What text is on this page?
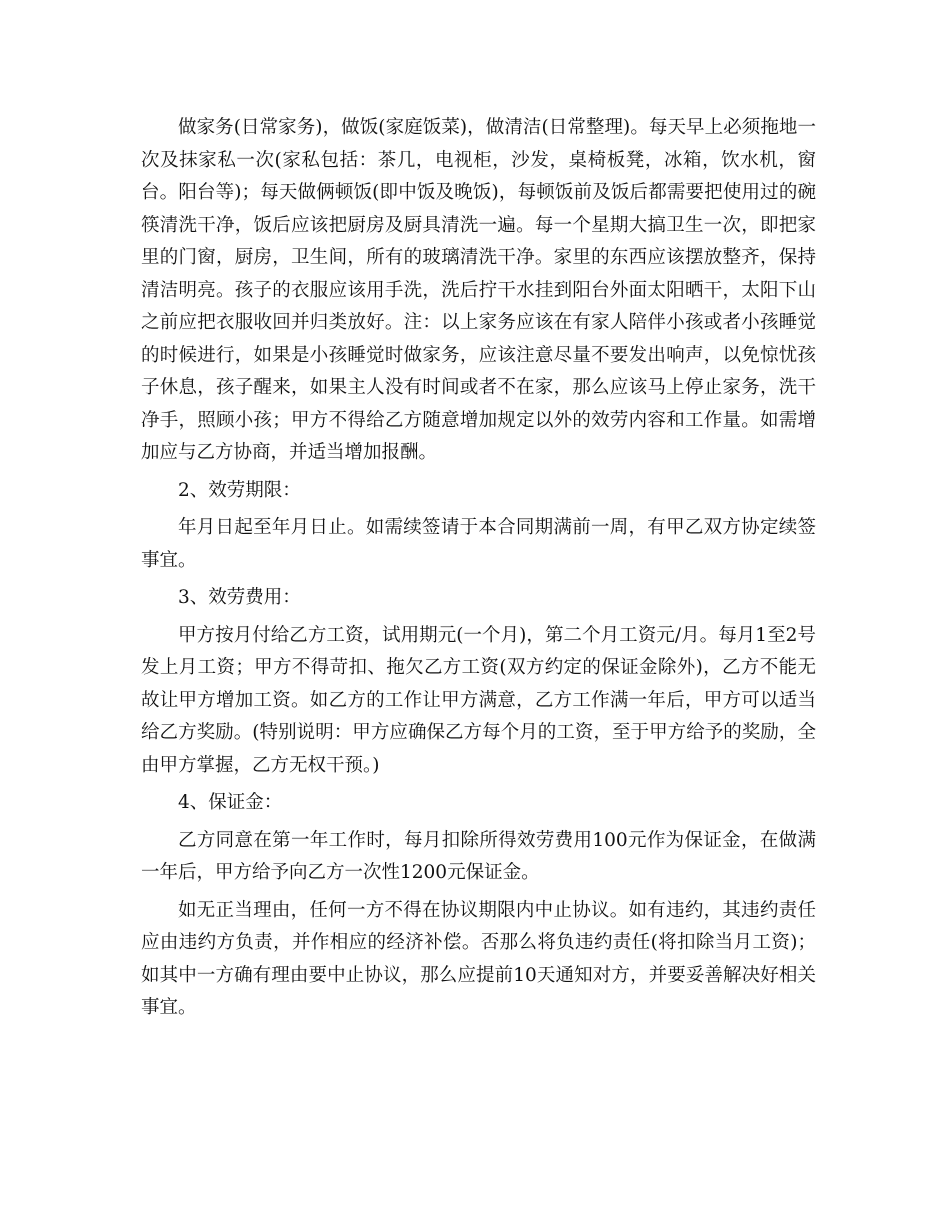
做家务(日常家务)，做饭(家庭饭菜)，做清洁(日常整理)。每天早上必须拖地一次及抹家私一次(家私包括：茶几，电视柜，沙发，桌椅板凳，冰箱，饮水机，窗台。阳台等)；每天做俩顿饭(即中饭及晚饭)，每顿饭前及饭后都需要把使用过的碗筷清洗干净，饭后应该把厨房及厨具清洗一遍。每一个星期大搞卫生一次，即把家里的门窗，厨房，卫生间，所有的玻璃清洗干净。家里的东西应该摆放整齐，保持清洁明亮。孩子的衣服应该用手洗，洗后拧干水挂到阳台外面太阳晒干，太阳下山之前应把衣服收回并归类放好。注：以上家务应该在有家人陪伴小孩或者小孩睡觉的时候进行，如果是小孩睡觉时做家务，应该注意尽量不要发出响声，以免惊忧孩子休息，孩子醒来，如果主人没有时间或者不在家，那么应该马上停止家务，洗干净手，照顾小孩；甲方不得给乙方随意增加规定以外的效劳内容和工作量。如需增加应与乙方协商，并适当增加报酬。

2、效劳期限：

年月日起至年月日止。如需续签请于本合同期满前一周，有甲乙双方协定续签事宜。

3、效劳费用：

甲方按月付给乙方工资，试用期元(一个月)，第二个月工资元/月。每月1至2号发上月工资；甲方不得苛扣、拖欠乙方工资(双方约定的保证金除外)，乙方不能无故让甲方增加工资。如乙方的工作让甲方满意，乙方工作满一年后，甲方可以适当给乙方奖励。(特别说明：甲方应确保乙方每个月的工资，至于甲方给予的奖励，全由甲方掌握，乙方无权干预。)

4、保证金：

乙方同意在第一年工作时，每月扣除所得效劳费用100元作为保证金，在做满一年后，甲方给予向乙方一次性1200元保证金。

如无正当理由，任何一方不得在协议期限内中止协议。如有违约，其违约责任应由违约方负责，并作相应的经济补偿。否那么将负违约责任(将扣除当月工资)；如其中一方确有理由要中止协议，那么应提前10天通知对方，并要妥善解决好相关事宜。
